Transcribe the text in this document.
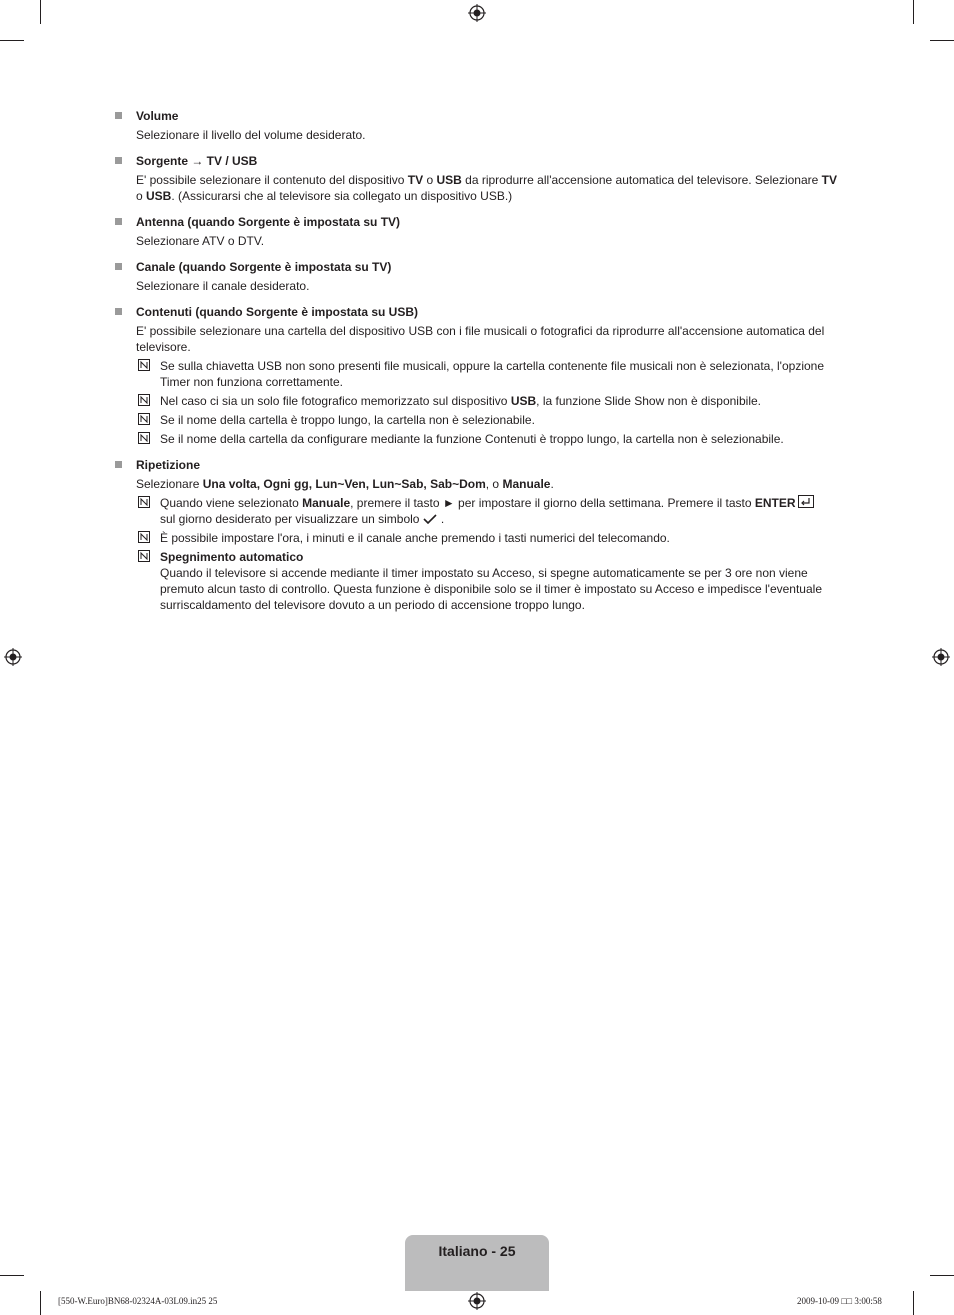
Volume

Selezionare il livello del volume desiderato.

Sorgente → TV / USB

E' possibile selezionare il contenuto del dispositivo TV o USB da riprodurre all'accensione automatica del televisore. Selezionare TV o USB. (Assicurarsi che al televisore sia collegato un dispositivo USB.)

Antenna (quando Sorgente è impostata su TV)

Selezionare ATV o DTV.

Canale (quando Sorgente è impostata su TV)

Selezionare il canale desiderato.

Contenuti (quando Sorgente è impostata su USB)

E' possibile selezionare una cartella del dispositivo USB con i file musicali o fotografici da riprodurre all'accensione automatica del televisore.

Se sulla chiavetta USB non sono presenti file musicali, oppure la cartella contenente file musicali non è selezionata, l'opzione Timer non funziona correttamente.
Nel caso ci sia un solo file fotografico memorizzato sul dispositivo USB, la funzione Slide Show non è disponibile.
Se il nome della cartella è troppo lungo, la cartella non è selezionabile.
Se il nome della cartella da configurare mediante la funzione Contenuti è troppo lungo, la cartella non è selezionabile.
Ripetizione

Selezionare Una volta, Ogni gg, Lun~Ven, Lun~Sab, Sab~Dom, o Manuale.

Quando viene selezionato Manuale, premere il tasto ► per impostare il giorno della settimana. Premere il tasto ENTER

sul giorno desiderato per visualizzare un simbolo .
È possibile impostare l'ora, i minuti e il canale anche premendo i tasti numerici del telecomando.
Spegnimento automatico
Quando il televisore si accende mediante il timer impostato su Acceso, si spegne automaticamente se per 3 ore non viene premuto alcun tasto di controllo. Questa funzione è disponibile solo se il timer è impostato su Acceso e impedisce l'eventuale surriscaldamento del televisore dovuto a un periodo di accensione troppo lungo.
Italiano - 25
[550-W.Euro]BN68-02324A-03L09.in25 25	2009-10-09 □□ 3:00:58
